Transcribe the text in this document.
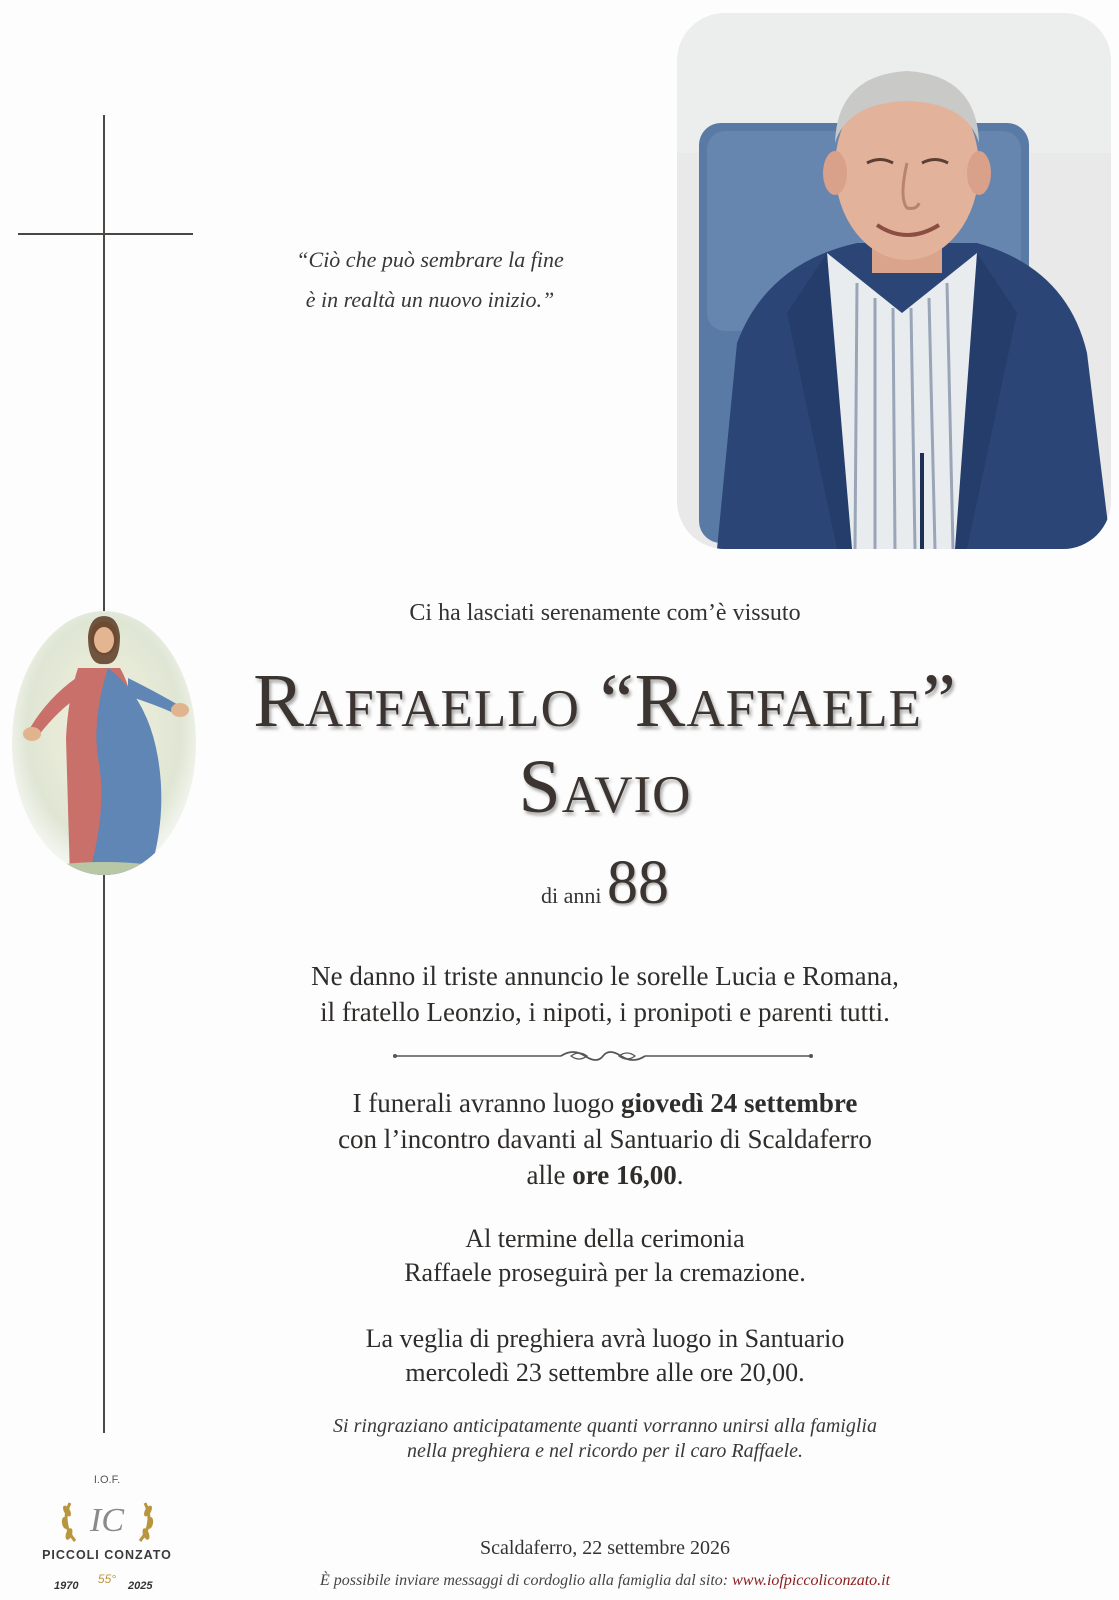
“Ciò che può sembrare la fine
è in realtà un nuovo inizio.”
Ci ha lasciati serenamente com’è vissuto
Raffaello “Raffaele”
Savio
di anni 88
Ne danno il triste annuncio le sorelle Lucia e Romana,
il fratello Leonzio, i nipoti, i pronipoti e parenti tutti.
I funerali avranno luogo giovedì 24 settembre
con l’incontro davanti al Santuario di Scaldaferro
alle ore 16,00.
Al termine della cerimonia
Raffaele proseguirà per la cremazione.
La veglia di preghiera avrà luogo in Santuario
mercoledì 23 settembre alle ore 20,00.
Si ringraziano anticipatamente quanti vorranno unirsi alla famiglia
nella preghiera e nel ricordo per il caro Raffaele.
I.O.F.
IC
PICCOLI CONZATO
1970 55° 2025
Scaldaferro, 22 settembre 2026
È possibile inviare messaggi di cordoglio alla famiglia dal sito: www.iofpiccoliconzato.it
